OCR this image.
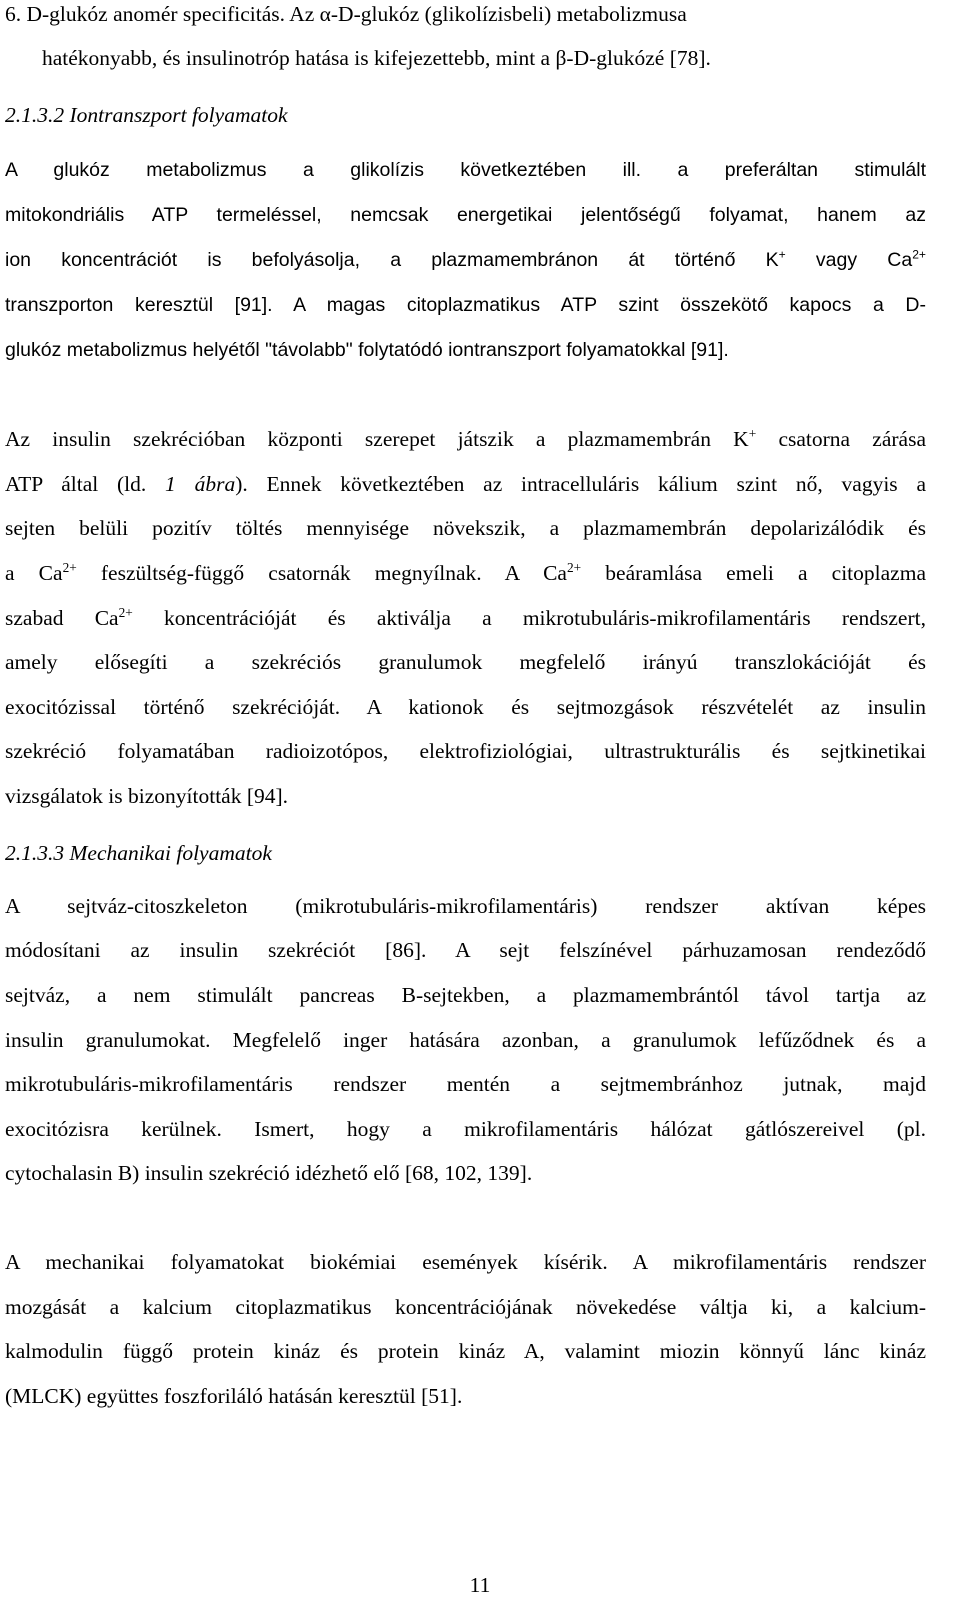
6. D-glukóz anomér specificitás. Az α-D-glukóz (glikolízisbeli) metabolizmusa
hatékonyabb, és insulinotróp hatása is kifejezettebb, mint a β-D-glukózé [78].
2.1.3.2 Iontranszport folyamatok
A glukóz metabolizmus a glikolízis következtében ill. a preferáltan stimulált
mitokondriális ATP termeléssel, nemcsak energetikai jelentőségű folyamat, hanem az
ion koncentrációt is befolyásolja, a plazmamembránon át történő K+ vagy $Ca^{2+}$
transzporton keresztül [91]. A magas citoplazmatikus ATP szint összekötő kapocs a D-
glukóz metabolizmus helyétől "távolabb" folytatódó iontranszport folyamatokkal [91].
Az insulin szekrécióban központi szerepet játszik a plazmamembrán K+ csatorna zárása
ATP által (ld. 1 ábra). Ennek következtében az intracelluláris kálium szint nő, vagyis a
sejten belüli pozitív töltés mennyisége növekszik, a plazmamembrán depolarizálódik és
a $Ca^{2+}$ feszültség-függő csatornák megnyílnak. A $Ca^{2+}$ beáramlása emeli a citoplazma
szabad $Ca^{2+}$ koncentrációját és aktiválja a mikrotubuláris-mikrofilamentáris rendszert,
amely elősegíti a szekréciós granulumok megfelelő irányú transzlokációját és
exocitózissal történő szekrécióját. A kationok és sejtmozgások részvételét az insulin
szekréció folyamatában radioizotópos, elektrofiziológiai, ultrastrukturális és sejtkinetikai
vizsgálatok is bizonyították [94].
2.1.3.3 Mechanikai folyamatok
A sejtváz-citoszkeleton (mikrotubuláris-mikrofilamentáris) rendszer aktívan képes
módosítani az insulin szekréciót [86]. A sejt felszínével párhuzamosan rendeződő
sejtváz, a nem stimulált pancreas B-sejtekben, a plazmamembrántól távol tartja az
insulin granulumokat. Megfelelő inger hatására azonban, a granulumok lefűződnek és a
mikrotubuláris-mikrofilamentáris rendszer mentén a sejtmembránhoz jutnak, majd
exocitózisra kerülnek. Ismert, hogy a mikrofilamentáris hálózat gátlószereivel (pl.
cytochalasin B) insulin szekréció idézhető elő [68, 102, 139].
A mechanikai folyamatokat biokémiai események kísérik. A mikrofilamentáris rendszer
mozgását a kalcium citoplazmatikus koncentrációjának növekedése váltja ki, a kalcium-
kalmodulin függő protein kináz és protein kináz A, valamint miozin könnyű lánc kináz
(MLCK) együttes foszforiláló hatásán keresztül [51].
11
